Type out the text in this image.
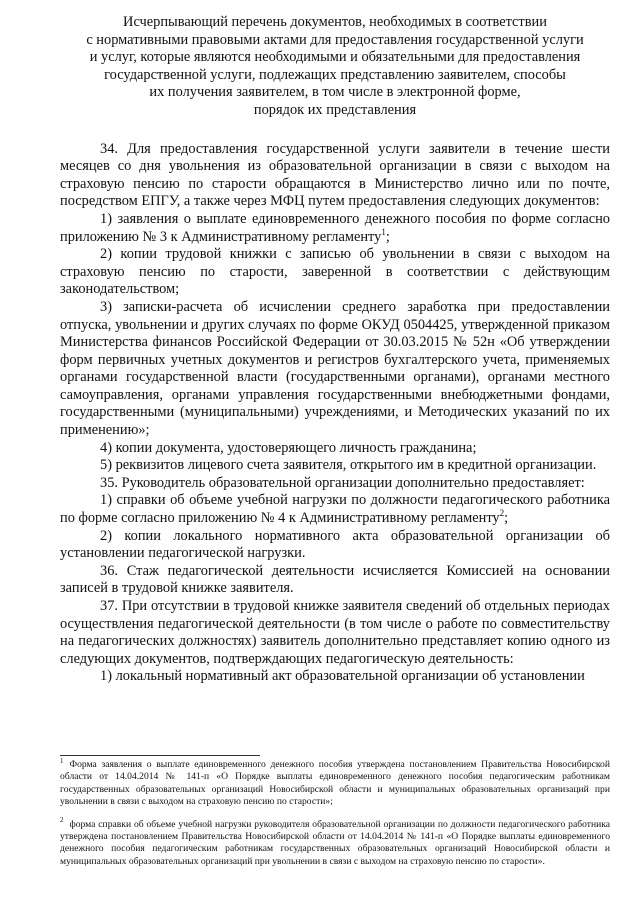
Исчерпывающий перечень документов, необходимых в соответствии
с нормативными правовыми актами для предоставления государственной услуги
и услуг, которые являются необходимыми и обязательными для предоставления
государственной услуги, подлежащих представлению заявителем, способы
их получения заявителем, в том числе в электронной форме,
порядок их представления

34. Для предоставления государственной услуги заявители в течение шести месяцев со дня увольнения из образовательной организации в связи с выходом на страховую пенсию по старости обращаются в Министерство лично или по почте, посредством ЕПГУ, а также через МФЦ путем предоставления следующих документов:

1) заявления о выплате единовременного денежного пособия по форме согласно приложению № 3 к Административному регламенту$^1$;

2) копии трудовой книжки с записью об увольнении в связи с выходом на страховую пенсию по старости, заверенной в соответствии с действующим законодательством;

3) записки-расчета об исчислении среднего заработка при предоставлении отпуска, увольнении и других случаях по форме ОКУД 0504425, утвержденной приказом Министерства финансов Российской Федерации от 30.03.2015 № 52н «Об утверждении форм первичных учетных документов и регистров бухгалтерского учета, применяемых органами государственной власти (государственными органами), органами местного самоуправления, органами управления государственными внебюджетными фондами, государственными (муниципальными) учреждениями, и Методических указаний по их применению»;

4) копии документа, удостоверяющего личность гражданина;

5) реквизитов лицевого счета заявителя, открытого им в кредитной организации.

35. Руководитель образовательной организации дополнительно предоставляет:

1) справки об объеме учебной нагрузки по должности педагогического работника по форме согласно приложению № 4 к Административному регламенту$^2$;

2) копии локального нормативного акта образовательной организации об установлении педагогической нагрузки.

36. Стаж педагогической деятельности исчисляется Комиссией на основании записей в трудовой книжке заявителя.

37. При отсутствии в трудовой книжке заявителя сведений об отдельных периодах осуществления педагогической деятельности (в том числе о работе по совместительству на педагогических должностях) заявитель дополнительно представляет копию одного из следующих документов, подтверждающих педагогическую деятельность:

1) локальный нормативный акт образовательной организации об установлении

$^1$ Форма заявления о выплате единовременного денежного пособия утверждена постановлением Правительства Новосибирской области от 14.04.2014 № 141-п «О Порядке выплаты единовременного денежного пособия педагогическим работникам государственных образовательных организаций Новосибирской области и муниципальных образовательных организаций при увольнении в связи с выходом на страховую пенсию по старости»;

$^2$ форма справки об объеме учебной нагрузки руководителя образовательной организации по должности педагогического работника утверждена постановлением Правительства Новосибирской области от 14.04.2014 № 141-п «О Порядке выплаты единовременного денежного пособия педагогическим работникам государственных образовательных организаций Новосибирской области и муниципальных образовательных организаций при увольнении в связи с выходом на страховую пенсию по старости».
